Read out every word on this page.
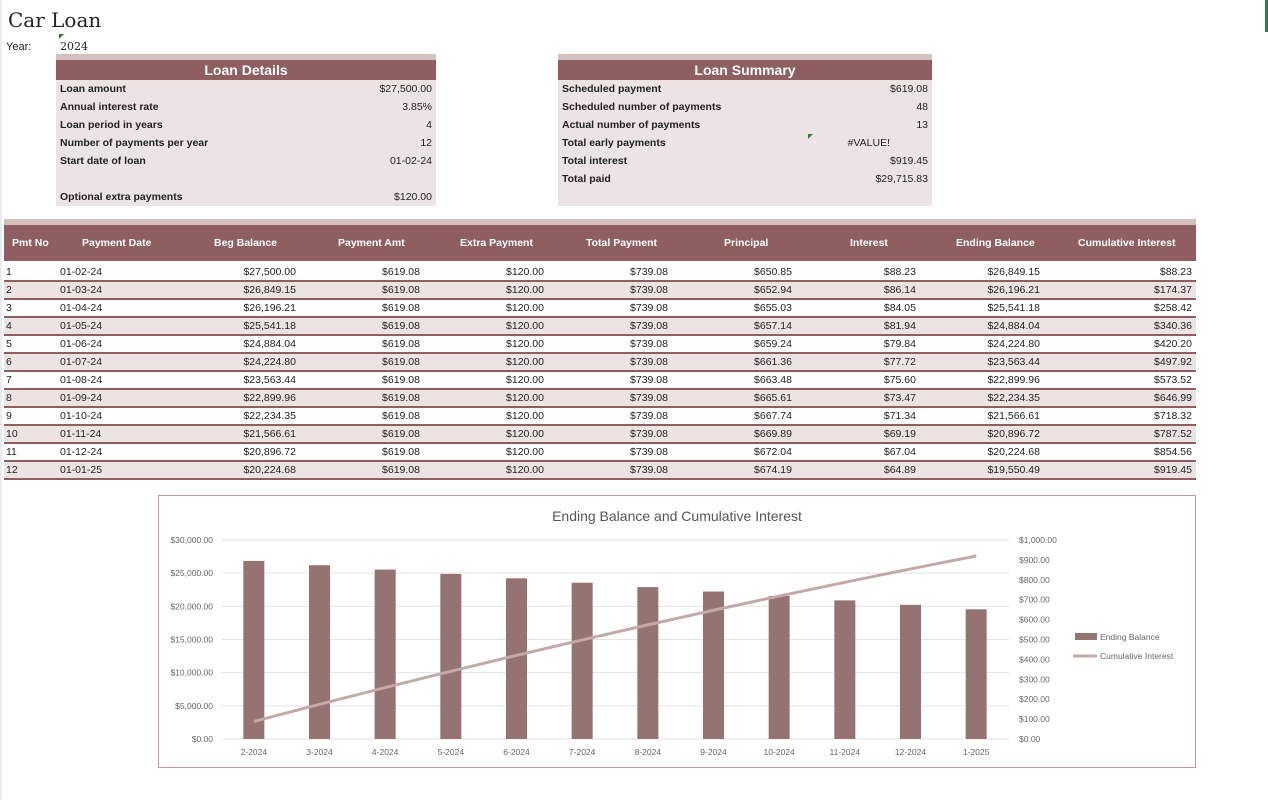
Car Loan
Year:	2024
Loan Details
Loan amount	$27,500.00
Annual interest rate	3.85%
Loan period in years	4
Number of payments per year	12
Start date of loan	01-02-24
Optional extra payments	$120.00
Loan Summary
Scheduled payment	$619.08
Scheduled number of payments	48
Actual number of payments	13
Total early payments	#VALUE!
Total interest	$919.45
Total paid	$29,715.83
Pmt No	Payment Date	Beg Balance	Payment Amt	Extra Payment	Total Payment	Principal	Interest	Ending Balance	Cumulative Interest
1	01-02-24	$27,500.00	$619.08	$120.00	$739.08	$650.85	$88.23	$26,849.15	$88.23
2	01-03-24	$26,849.15	$619.08	$120.00	$739.08	$652.94	$86.14	$26,196.21	$174.37
3	01-04-24	$26,196.21	$619.08	$120.00	$739.08	$655.03	$84.05	$25,541.18	$258.42
4	01-05-24	$25,541.18	$619.08	$120.00	$739.08	$657.14	$81.94	$24,884.04	$340.36
5	01-06-24	$24,884.04	$619.08	$120.00	$739.08	$659.24	$79.84	$24,224.80	$420.20
6	01-07-24	$24,224.80	$619.08	$120.00	$739.08	$661.36	$77.72	$23,563.44	$497.92
7	01-08-24	$23,563.44	$619.08	$120.00	$739.08	$663.48	$75.60	$22,899.96	$573.52
8	01-09-24	$22,899.96	$619.08	$120.00	$739.08	$665.61	$73.47	$22,234.35	$646.99
9	01-10-24	$22,234.35	$619.08	$120.00	$739.08	$667.74	$71.34	$21,566.61	$718.32
10	01-11-24	$21,566.61	$619.08	$120.00	$739.08	$669.89	$69.19	$20,896.72	$787.52
11	01-12-24	$20,896.72	$619.08	$120.00	$739.08	$672.04	$67.04	$20,224.68	$854.56
12	01-01-25	$20,224.68	$619.08	$120.00	$739.08	$674.19	$64.89	$19,550.49	$919.45
Ending Balance and Cumulative Interest
$0.00
$5,000.00
$10,000.00
$15,000.00
$20,000.00
$25,000.00
$30,000.00
$0.00
$100.00
$200.00
$300.00
$400.00
$500.00
$600.00
$700.00
$800.00
$900.00
$1,000.00
2-2024	3-2024	4-2024	5-2024	6-2024	7-2024	8-2024	9-2024	10-2024	11-2024	12-2024	1-2025
Ending Balance
Cumulative Interest
